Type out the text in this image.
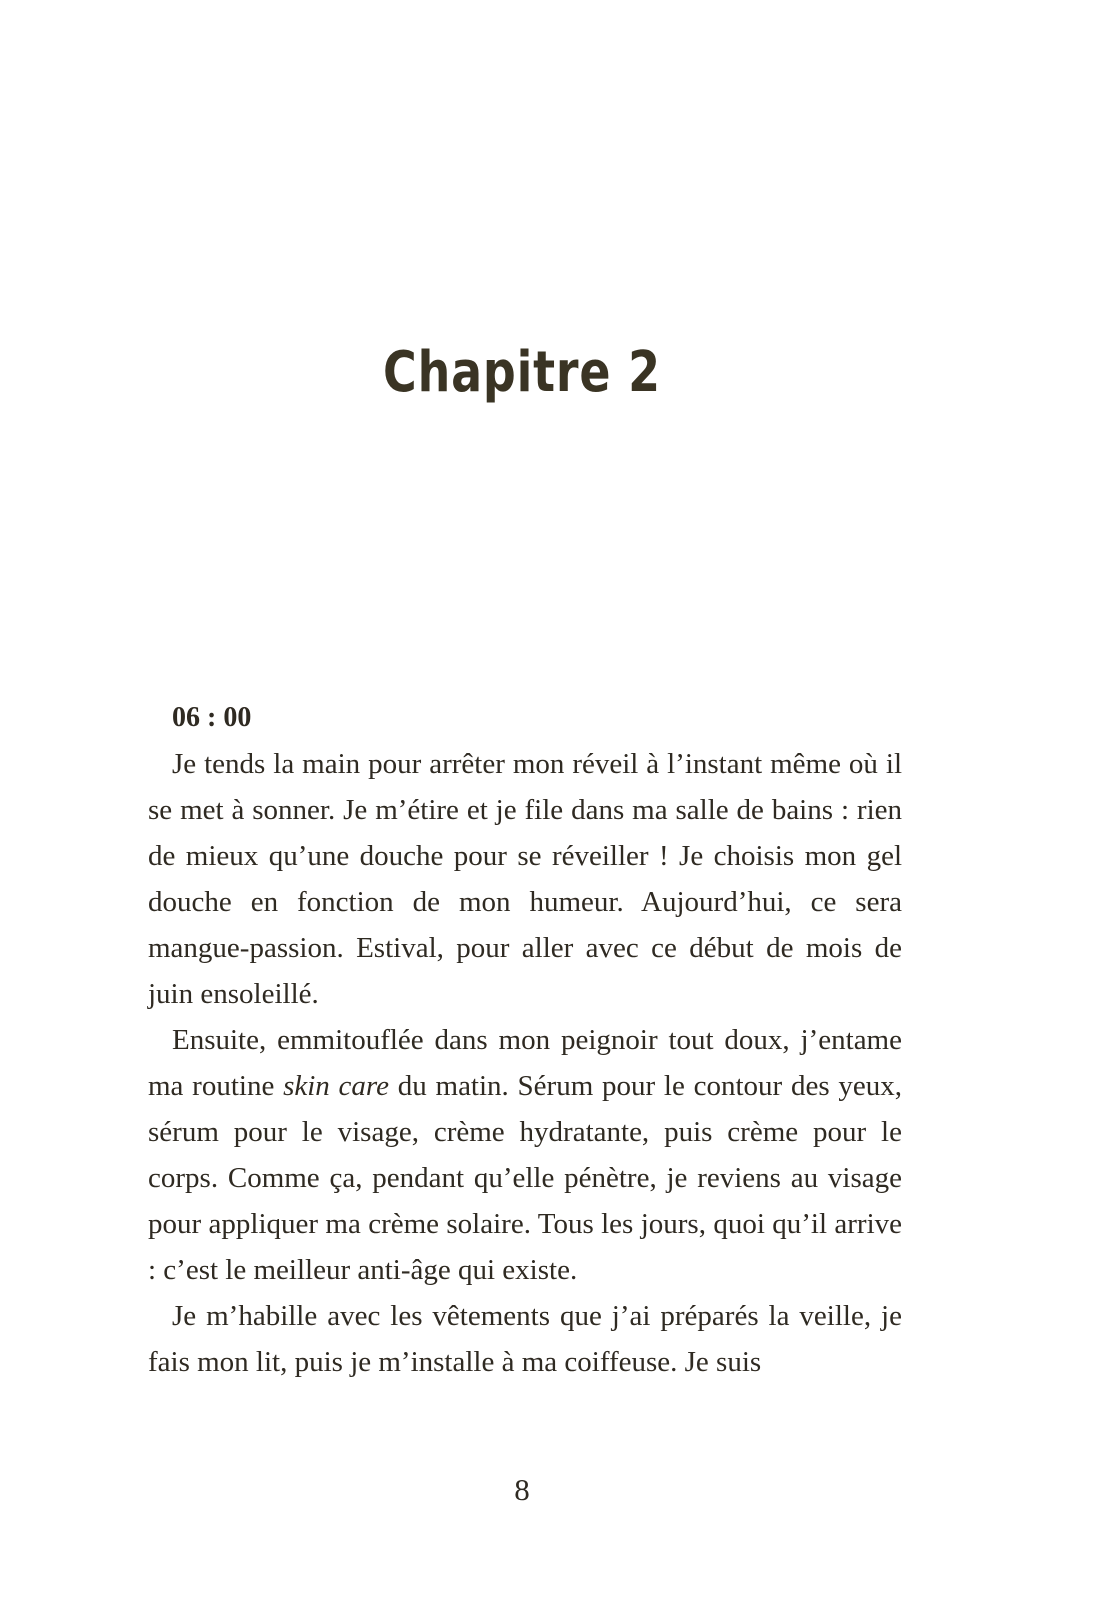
Chapitre 2

06 : 00

Je tends la main pour arrêter mon réveil à l’instant même où il se met à sonner. Je m’étire et je file dans ma salle de bains : rien de mieux qu’une douche pour se réveiller ! Je choisis mon gel douche en fonction de mon humeur. Aujourd’hui, ce sera mangue-passion. Estival, pour aller avec ce début de mois de juin ensoleillé.

Ensuite, emmitouflée dans mon peignoir tout doux, j’entame ma routine skin care du matin. Sérum pour le contour des yeux, sérum pour le visage, crème hydratante, puis crème pour le corps. Comme ça, pendant qu’elle pénètre, je reviens au visage pour appliquer ma crème solaire. Tous les jours, quoi qu’il arrive : c’est le meilleur anti-âge qui existe.

Je m’habille avec les vêtements que j’ai préparés la veille, je fais mon lit, puis je m’installe à ma coiffeuse. Je suis

8
